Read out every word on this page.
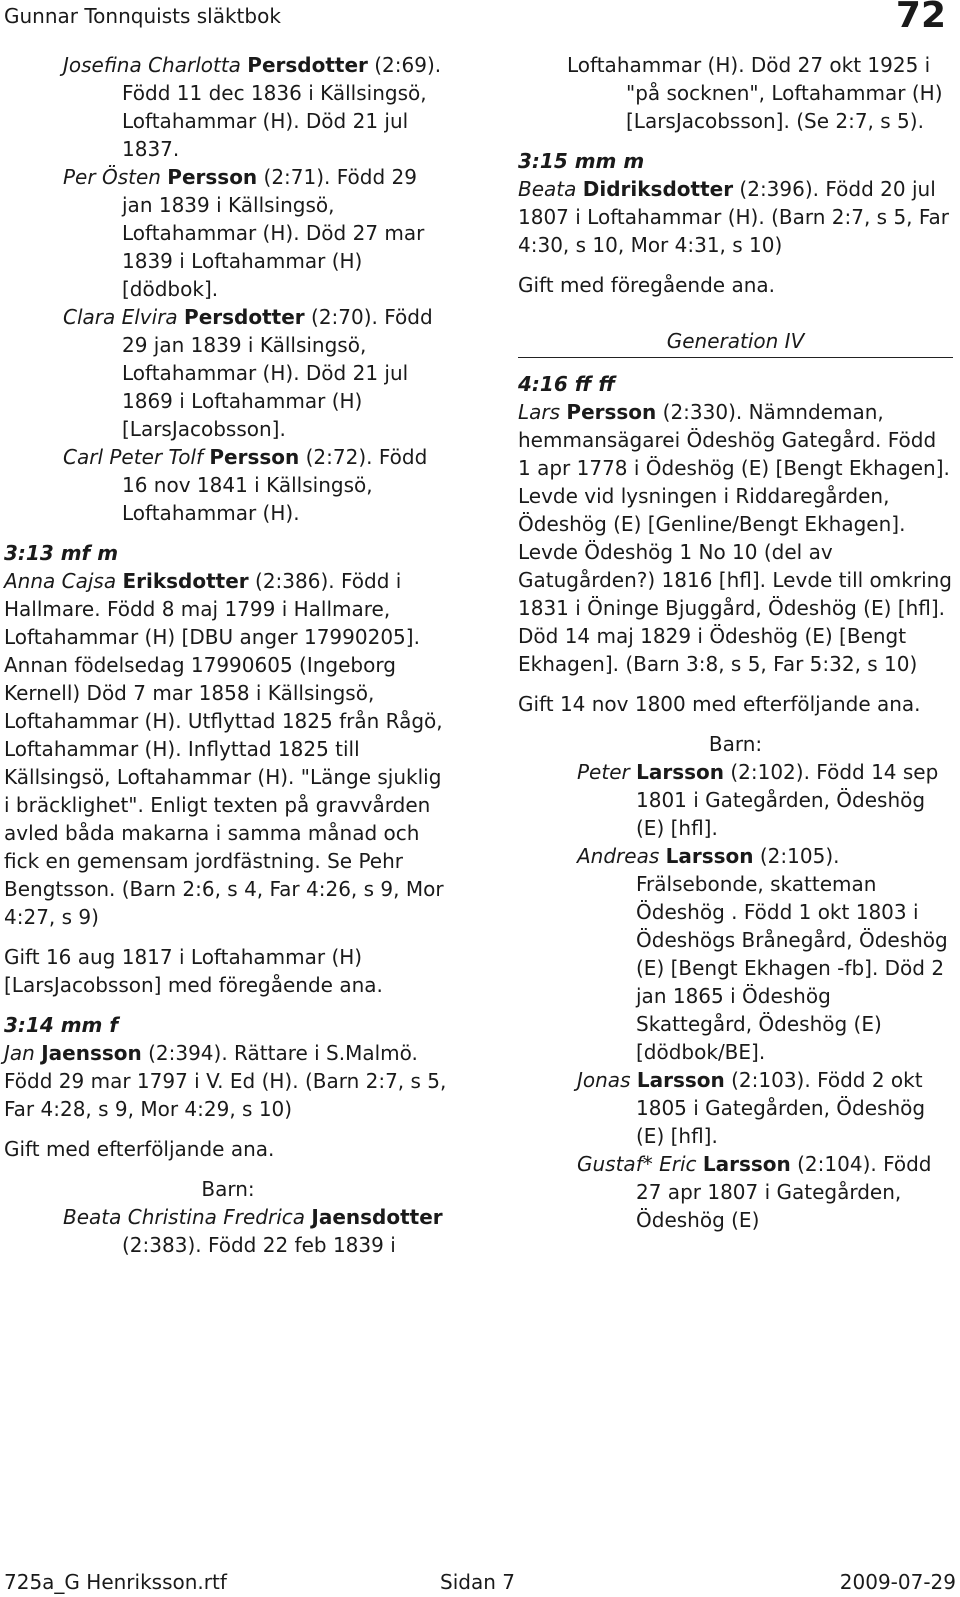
Gunnar Tonnquists släktbok	72
Josefina Charlotta Persdotter (2:69). Född 11 dec 1836 i Källsingsö, Loftahammar (H). Död 21 jul 1837.
Per Östen Persson (2:71). Född 29 jan 1839 i Källsingsö, Loftahammar (H). Död 27 mar 1839 i Loftahammar (H) [dödbok].
Clara Elvira Persdotter (2:70). Född 29 jan 1839 i Källsingsö, Loftahammar (H). Död 21 jul 1869 i Loftahammar (H) [LarsJacobsson].
Carl Peter Tolf Persson (2:72). Född 16 nov 1841 i Källsingsö, Loftahammar (H).
3:13 mf m
Anna Cajsa Eriksdotter (2:386). Född i Hallmare. Född 8 maj 1799 i Hallmare, Loftahammar (H) [DBU anger 17990205]. Annan födelsedag 17990605 (Ingeborg Kernell) Död 7 mar 1858 i Källsingsö, Loftahammar (H). Utflyttad 1825 från Rågö, Loftahammar (H). Inflyttad 1825 till Källsingsö, Loftahammar (H). "Länge sjuklig i bräcklighet". Enligt texten på gravvården avled båda makarna i samma månad och fick en gemensam jordfästning. Se Pehr Bengtsson. (Barn 2:6, s 4, Far 4:26, s 9, Mor 4:27, s 9)
Gift 16 aug 1817 i Loftahammar (H) [LarsJacobsson] med föregående ana.
3:14 mm f
Jan Jaensson (2:394). Rättare i S.Malmö. Född 29 mar 1797 i V. Ed (H). (Barn 2:7, s 5, Far 4:28, s 9, Mor 4:29, s 10)
Gift med efterföljande ana.
Barn:
Beata Christina Fredrica Jaensdotter (2:383). Född 22 feb 1839 i
Loftahammar (H). Död 27 okt 1925 i "på socknen", Loftahammar (H) [LarsJacobsson]. (Se 2:7, s 5).
3:15 mm m
Beata Didriksdotter (2:396). Född 20 jul 1807 i Loftahammar (H). (Barn 2:7, s 5, Far 4:30, s 10, Mor 4:31, s 10)
Gift med föregående ana.
Generation IV
4:16 ff ff
Lars Persson (2:330). Nämndeman, hemmansägarei Ödeshög Gategård. Född 1 apr 1778 i Ödeshög (E) [Bengt Ekhagen]. Levde vid lysningen i Riddaregården, Ödeshög (E) [Genline/Bengt Ekhagen]. Levde Ödeshög 1 No 10 (del av Gatugården?) 1816 [hfl]. Levde till omkring 1831 i Öninge Bjuggård, Ödeshög (E) [hfl]. Död 14 maj 1829 i Ödeshög (E) [Bengt Ekhagen]. (Barn 3:8, s 5, Far 5:32, s 10)
Gift 14 nov 1800 med efterföljande ana.
Barn:
Peter Larsson (2:102). Född 14 sep 1801 i Gategården, Ödeshög (E) [hfl].
Andreas Larsson (2:105). Frälsebonde, skatteman Ödeshög . Född 1 okt 1803 i Ödeshögs Brånegård, Ödeshög (E) [Bengt Ekhagen -fb]. Död 2 jan 1865 i Ödeshög Skattegård, Ödeshög (E) [dödbok/BE].
Jonas Larsson (2:103). Född 2 okt 1805 i Gategården, Ödeshög (E) [hfl].
Gustaf* Eric Larsson (2:104). Född 27 apr 1807 i Gategården, Ödeshög (E)
725a_G Henriksson.rtf	Sidan 7	2009-07-29
